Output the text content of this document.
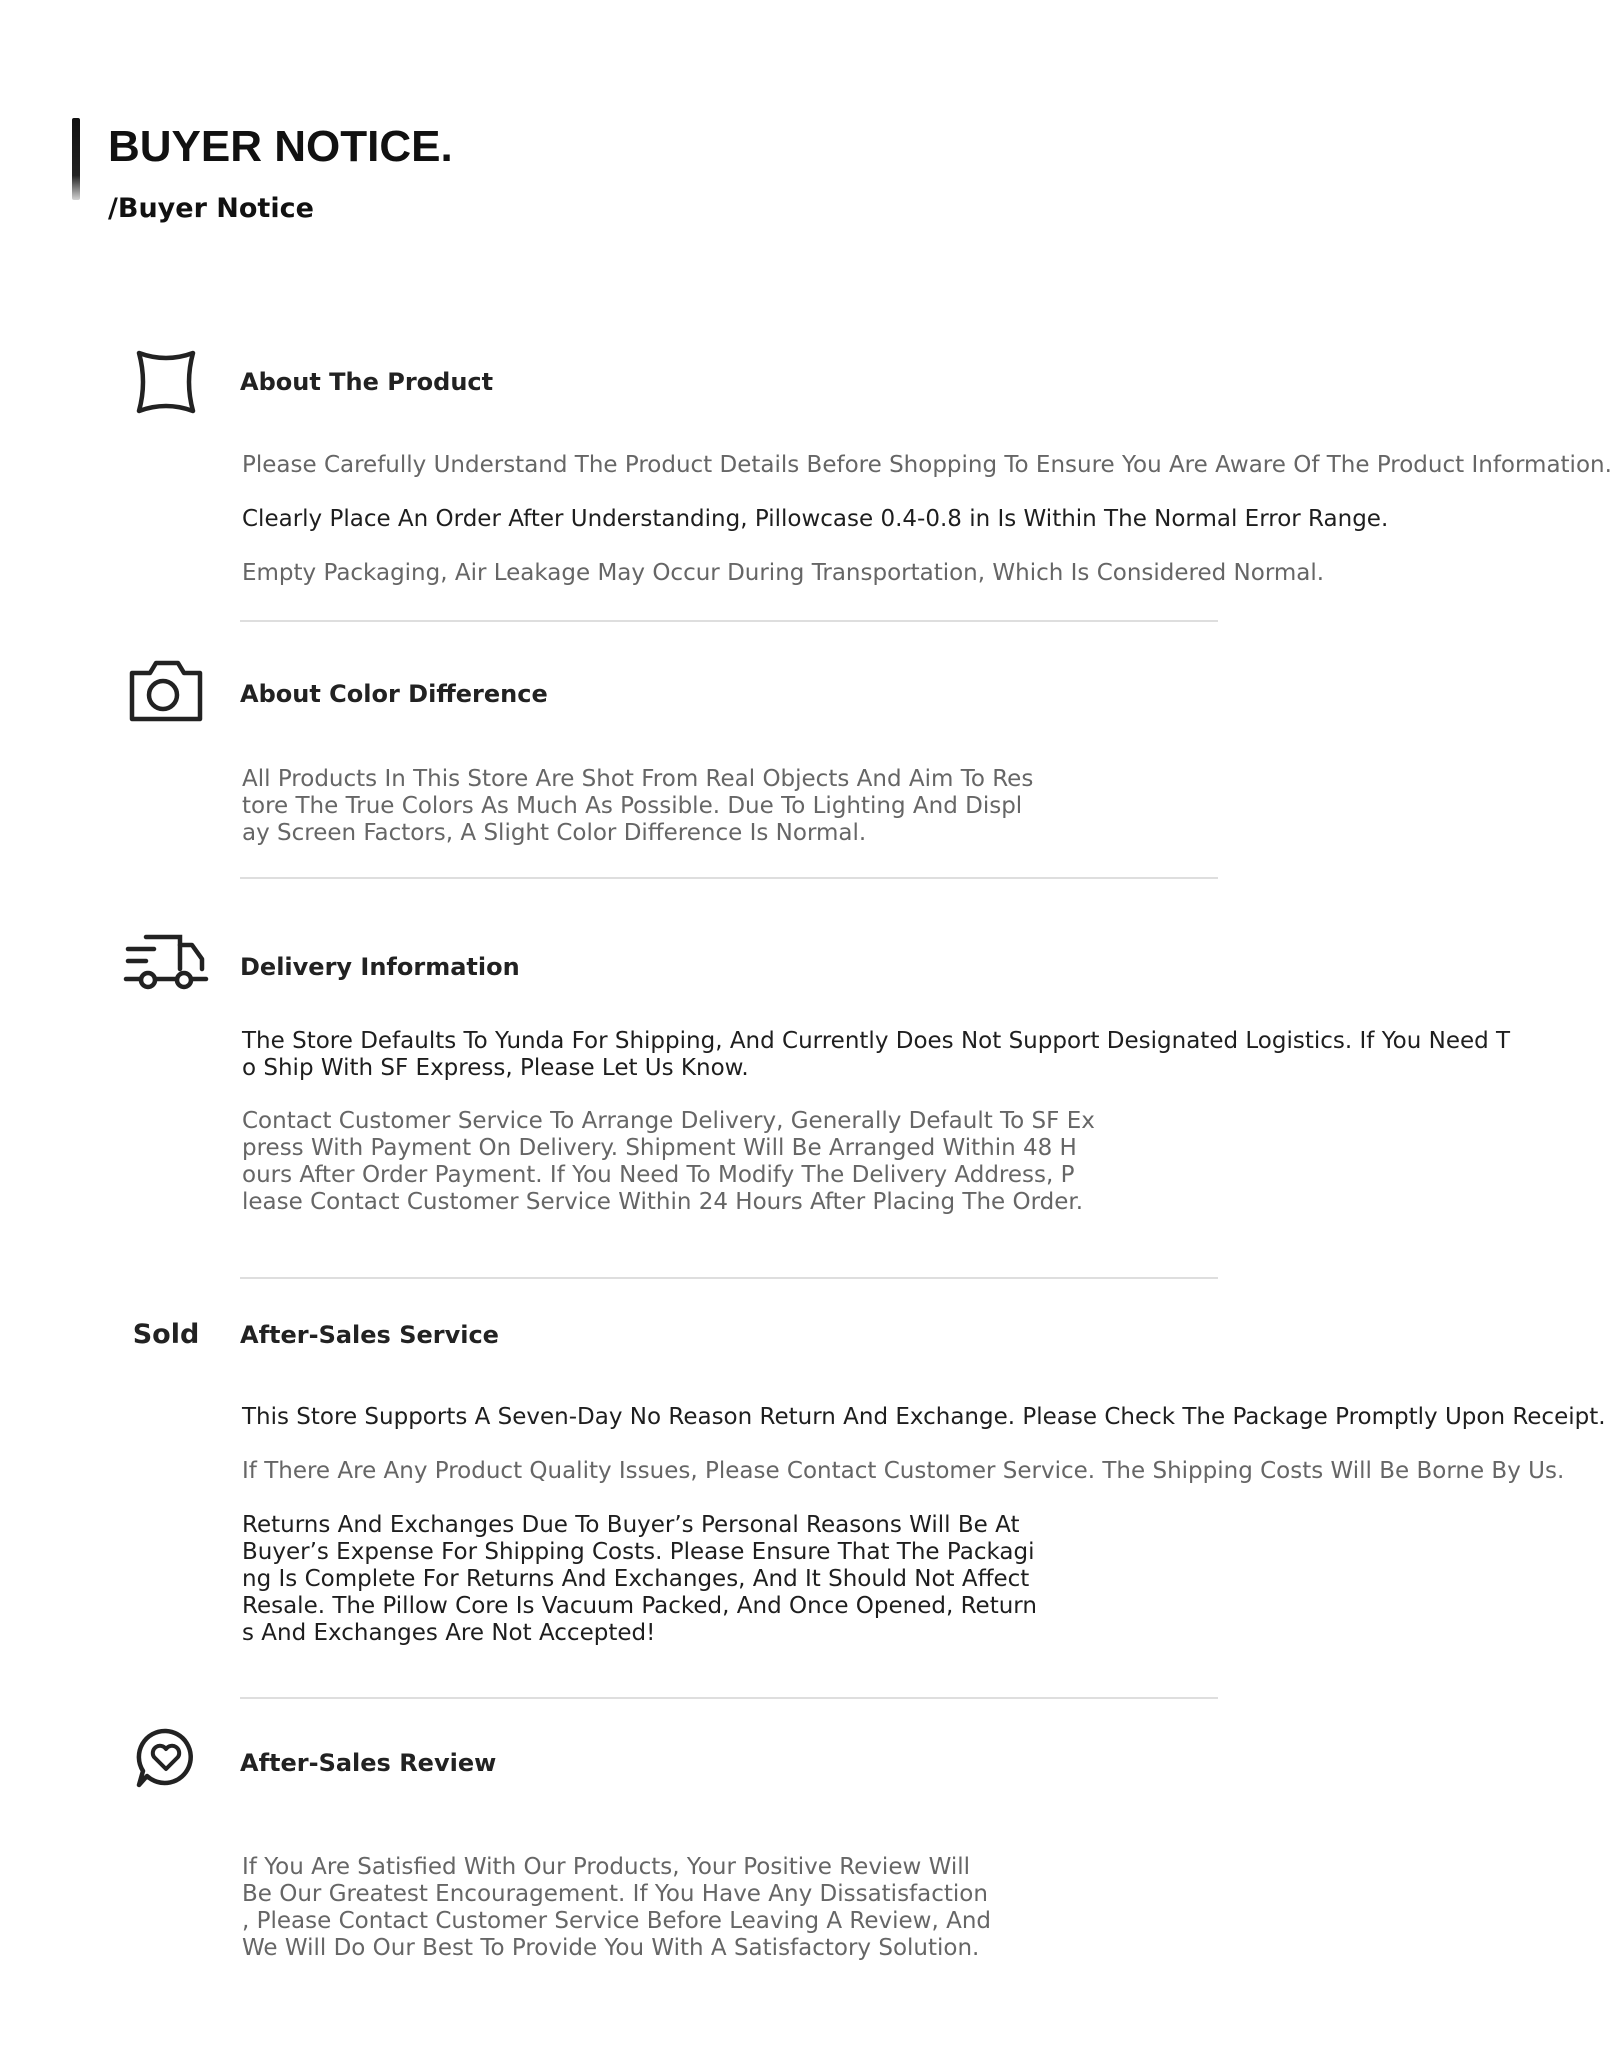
BUYER NOTICE.
/Buyer Notice
About The Product

Please Carefully Understand The Product Details Before Shopping To Ensure You Are Aware Of The Product Information.

Clearly Place An Order After Understanding, Pillowcase 0.4-0.8 in Is Within The Normal Error Range.

Empty Packaging, Air Leakage May Occur During Transportation, Which Is Considered Normal.

About Color Difference

All Products In This Store Are Shot From Real Objects And Aim To Res
tore The True Colors As Much As Possible. Due To Lighting And Displ
ay Screen Factors, A Slight Color Difference Is Normal.

Delivery Information

The Store Defaults To Yunda For Shipping, And Currently Does Not Support Designated Logistics. If You Need T
o Ship With SF Express, Please Let Us Know.

Contact Customer Service To Arrange Delivery, Generally Default To SF Ex
press With Payment On Delivery. Shipment Will Be Arranged Within 48 H
ours After Order Payment. If You Need To Modify The Delivery Address, P
lease Contact Customer Service Within 24 Hours After Placing The Order.

Sold After-Sales Service

This Store Supports A Seven-Day No Reason Return And Exchange. Please Check The Package Promptly Upon Receipt.

If There Are Any Product Quality Issues, Please Contact Customer Service. The Shipping Costs Will Be Borne By Us.

Returns And Exchanges Due To Buyer’s Personal Reasons Will Be At
Buyer’s Expense For Shipping Costs. Please Ensure That The Packagi
ng Is Complete For Returns And Exchanges, And It Should Not Affect
Resale. The Pillow Core Is Vacuum Packed, And Once Opened, Return
s And Exchanges Are Not Accepted!

After-Sales Review

If You Are Satisfied With Our Products, Your Positive Review Will
Be Our Greatest Encouragement. If You Have Any Dissatisfaction
, Please Contact Customer Service Before Leaving A Review, And
We Will Do Our Best To Provide You With A Satisfactory Solution.
